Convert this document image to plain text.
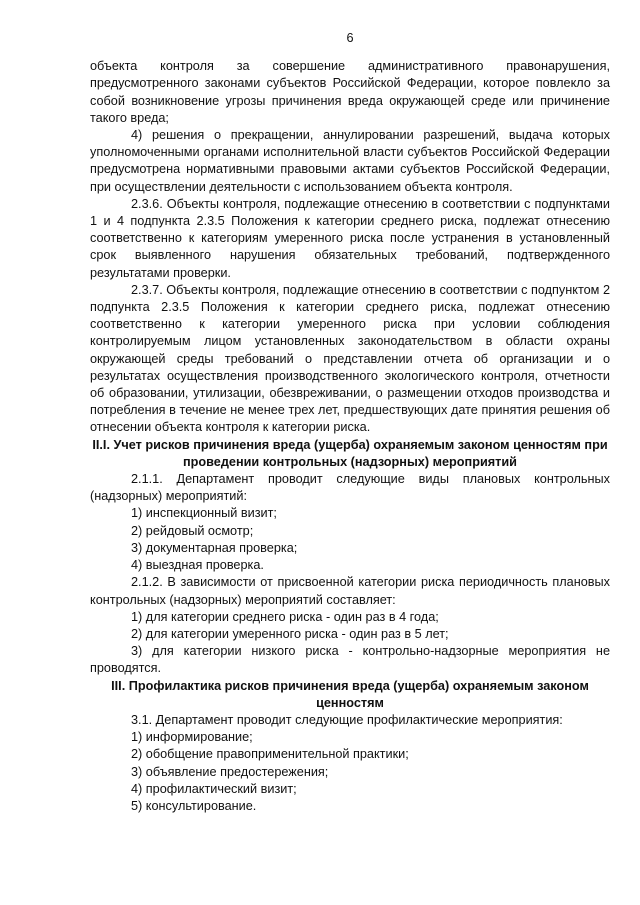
6

объекта контроля за совершение административного правонарушения, предусмотренного законами субъектов Российской Федерации, которое повлекло за собой возникновение угрозы причинения вреда окружающей среде или причинение такого вреда;

4) решения о прекращении, аннулировании разрешений, выдача которых уполномоченными органами исполнительной власти субъектов Российской Федерации предусмотрена нормативными правовыми актами субъектов Российской Федерации, при осуществлении деятельности с использованием объекта контроля.

2.3.6. Объекты контроля, подлежащие отнесению в соответствии с подпунктами 1 и 4 подпункта 2.3.5 Положения к категории среднего риска, подлежат отнесению соответственно к категориям умеренного риска после устранения в установленный срок выявленного нарушения обязательных требований, подтвержденного результатами проверки.

2.3.7. Объекты контроля, подлежащие отнесению в соответствии с подпунктом 2 подпункта 2.3.5 Положения к категории среднего риска, подлежат отнесению соответственно к категории умеренного риска при условии соблюдения контролируемым лицом установленных законодательством в области охраны окружающей среды требований о представлении отчета об организации и о результатах осуществления производственного экологического контроля, отчетности об образовании, утилизации, обезвреживании, о размещении отходов производства и потребления в течение не менее трех лет, предшествующих дате принятия решения об отнесении объекта контроля к категории риска.

II.I. Учет рисков причинения вреда (ущерба) охраняемым законом ценностям при проведении контрольных (надзорных) мероприятий

2.1.1. Департамент проводит следующие виды плановых контрольных (надзорных) мероприятий:

1) инспекционный визит;

2) рейдовый осмотр;

3) документарная проверка;

4) выездная проверка.

2.1.2. В зависимости от присвоенной категории риска периодичность плановых контрольных (надзорных) мероприятий составляет:

1) для категории среднего риска - один раз в 4 года;

2) для категории умеренного риска - один раз в 5 лет;

3) для категории низкого риска - контрольно-надзорные мероприятия не проводятся.

III. Профилактика рисков причинения вреда (ущерба) охраняемым законом ценностям

3.1. Департамент проводит следующие профилактические мероприятия:

1) информирование;

2) обобщение правоприменительной практики;

3) объявление предостережения;

4) профилактический визит;

5) консультирование.
